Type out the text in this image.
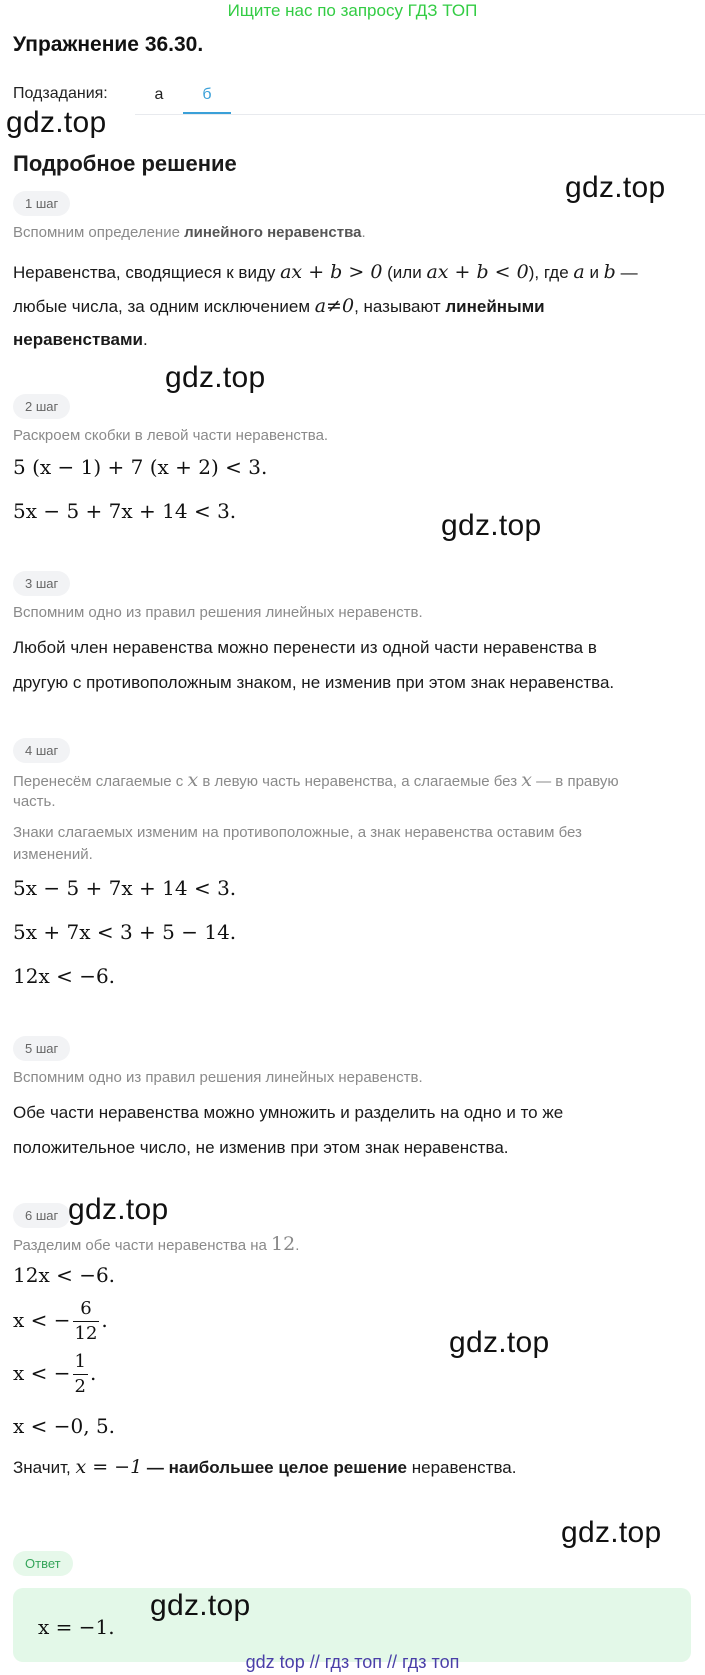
Ищите нас по запросу ГДЗ ТОП
Упражнение 36.30.
Подзадания:	а	б
Подробное решение
1 шаг
Вспомним определение линейного неравенства.
Неравенства, сводящиеся к виду ax + b > 0 (или ax + b < 0), где a и b —
любые числа, за одним исключением a≠0, называют линейными
неравенствами.
2 шаг
Раскроем скобки в левой части неравенства.
5 (x − 1) + 7 (x + 2) < 3.
5x − 5 + 7x + 14 < 3.
3 шаг
Вспомним одно из правил решения линейных неравенств.
Любой член неравенства можно перенести из одной части неравенства в
другую с противоположным знаком, не изменив при этом знак неравенства.
4 шаг
Перенесём слагаемые с x в левую часть неравенства, а слагаемые без x — в правую
часть.
Знаки слагаемых изменим на противоположные, а знак неравенства оставим без
изменений.
5x − 5 + 7x + 14 < 3.
5x + 7x < 3 + 5 − 14.
12x < −6.
5 шаг
Вспомним одно из правил решения линейных неравенств.
Обе части неравенства можно умножить и разделить на одно и то же
положительное число, не изменив при этом знак неравенства.
6 шаг
Разделим обе части неравенства на 12.
12x < −6.
x < − $\frac{6}{12}$ .
x < − $\frac{1}{2}$ .
x < −0, 5.
Значит, x = −1 — наибольшее целое решение неравенства.
Ответ
x = −1.
gdz.top
gdz.top
gdz.top
gdz.top
gdz.top
gdz.top
gdz.top
gdz.top
gdz top // гдз топ // гдз топ
